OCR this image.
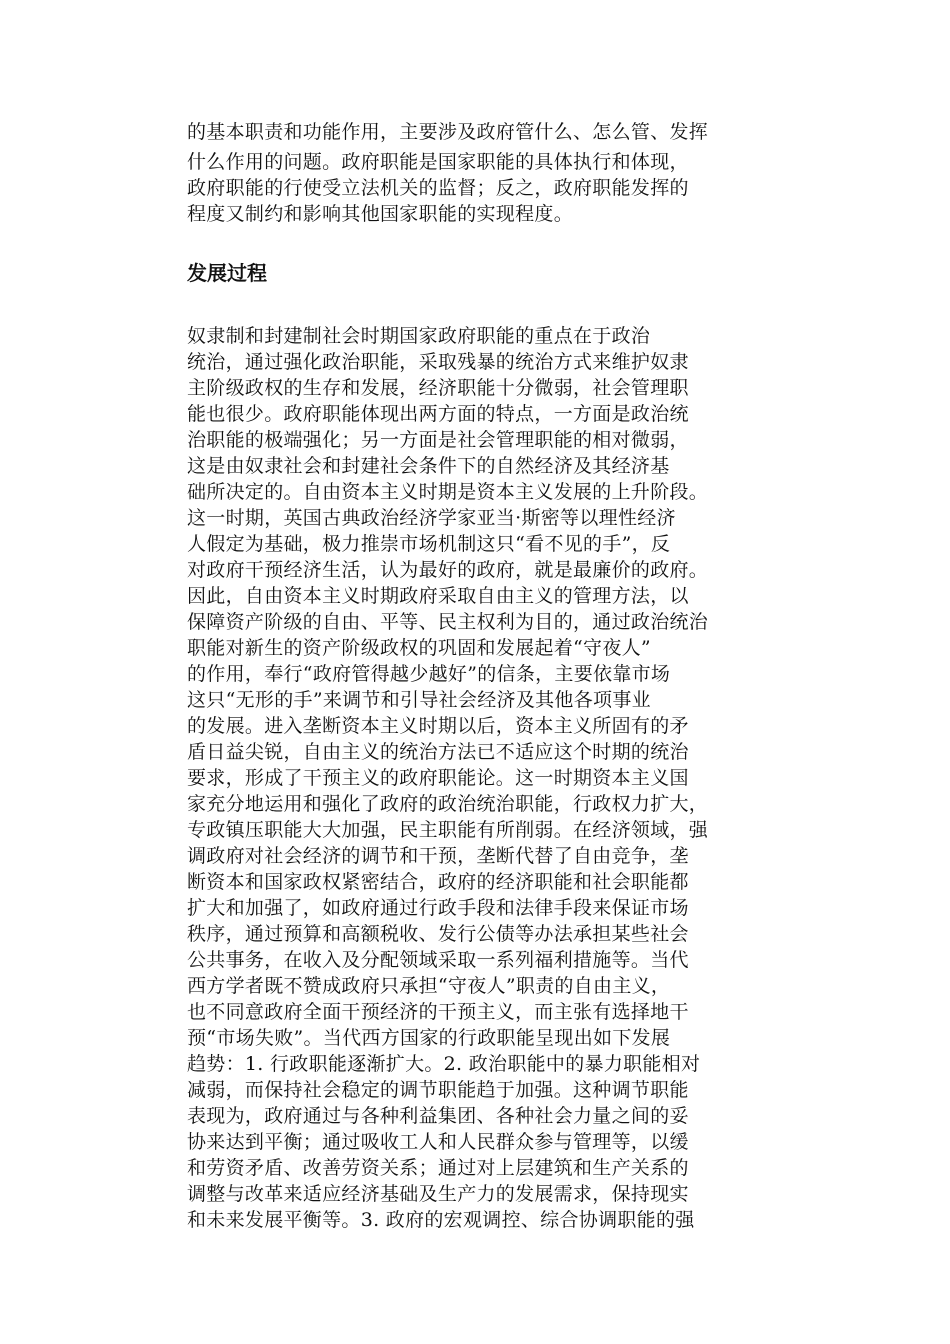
的基本职责和功能作用，主要涉及政府管什么、怎么管、发挥
什么作用的问题。政府职能是国家职能的具体执行和体现，
政府职能的行使受立法机关的监督；反之，政府职能发挥的
程度又制约和影响其他国家职能的实现程度。
发展过程
奴隶制和封建制社会时期国家政府职能的重点在于政治
统治，通过强化政治职能，采取残暴的统治方式来维护奴隶
主阶级政权的生存和发展，经济职能十分微弱，社会管理职
能也很少。政府职能体现出两方面的特点，一方面是政治统
治职能的极端强化；另一方面是社会管理职能的相对微弱，
这是由奴隶社会和封建社会条件下的自然经济及其经济基
础所决定的。自由资本主义时期是资本主义发展的上升阶段。
这一时期，英国古典政治经济学家亚当·斯密等以理性经济
人假定为基础，极力推崇市场机制这只“看不见的手”，反
对政府干预经济生活，认为最好的政府，就是最廉价的政府。
因此，自由资本主义时期政府采取自由主义的管理方法，以
保障资产阶级的自由、平等、民主权利为目的，通过政治统治
职能对新生的资产阶级政权的巩固和发展起着“守夜人”
的作用，奉行“政府管得越少越好”的信条，主要依靠市场
这只“无形的手”来调节和引导社会经济及其他各项事业
的发展。进入垄断资本主义时期以后，资本主义所固有的矛
盾日益尖锐，自由主义的统治方法已不适应这个时期的统治
要求，形成了干预主义的政府职能论。这一时期资本主义国
家充分地运用和强化了政府的政治统治职能，行政权力扩大，
专政镇压职能大大加强，民主职能有所削弱。在经济领域，强
调政府对社会经济的调节和干预，垄断代替了自由竞争，垄
断资本和国家政权紧密结合，政府的经济职能和社会职能都
扩大和加强了，如政府通过行政手段和法律手段来保证市场
秩序，通过预算和高额税收、发行公债等办法承担某些社会
公共事务，在收入及分配领域采取一系列福利措施等。当代
西方学者既不赞成政府只承担“守夜人”职责的自由主义，
也不同意政府全面干预经济的干预主义，而主张有选择地干
预“市场失败”。当代西方国家的行政职能呈现出如下发展
趋势：1. 行政职能逐渐扩大。2. 政治职能中的暴力职能相对
减弱，而保持社会稳定的调节职能趋于加强。这种调节职能
表现为，政府通过与各种利益集团、各种社会力量之间的妥
协来达到平衡；通过吸收工人和人民群众参与管理等，以缓
和劳资矛盾、改善劳资关系；通过对上层建筑和生产关系的
调整与改革来适应经济基础及生产力的发展需求，保持现实
和未来发展平衡等。3. 政府的宏观调控、综合协调职能的强
